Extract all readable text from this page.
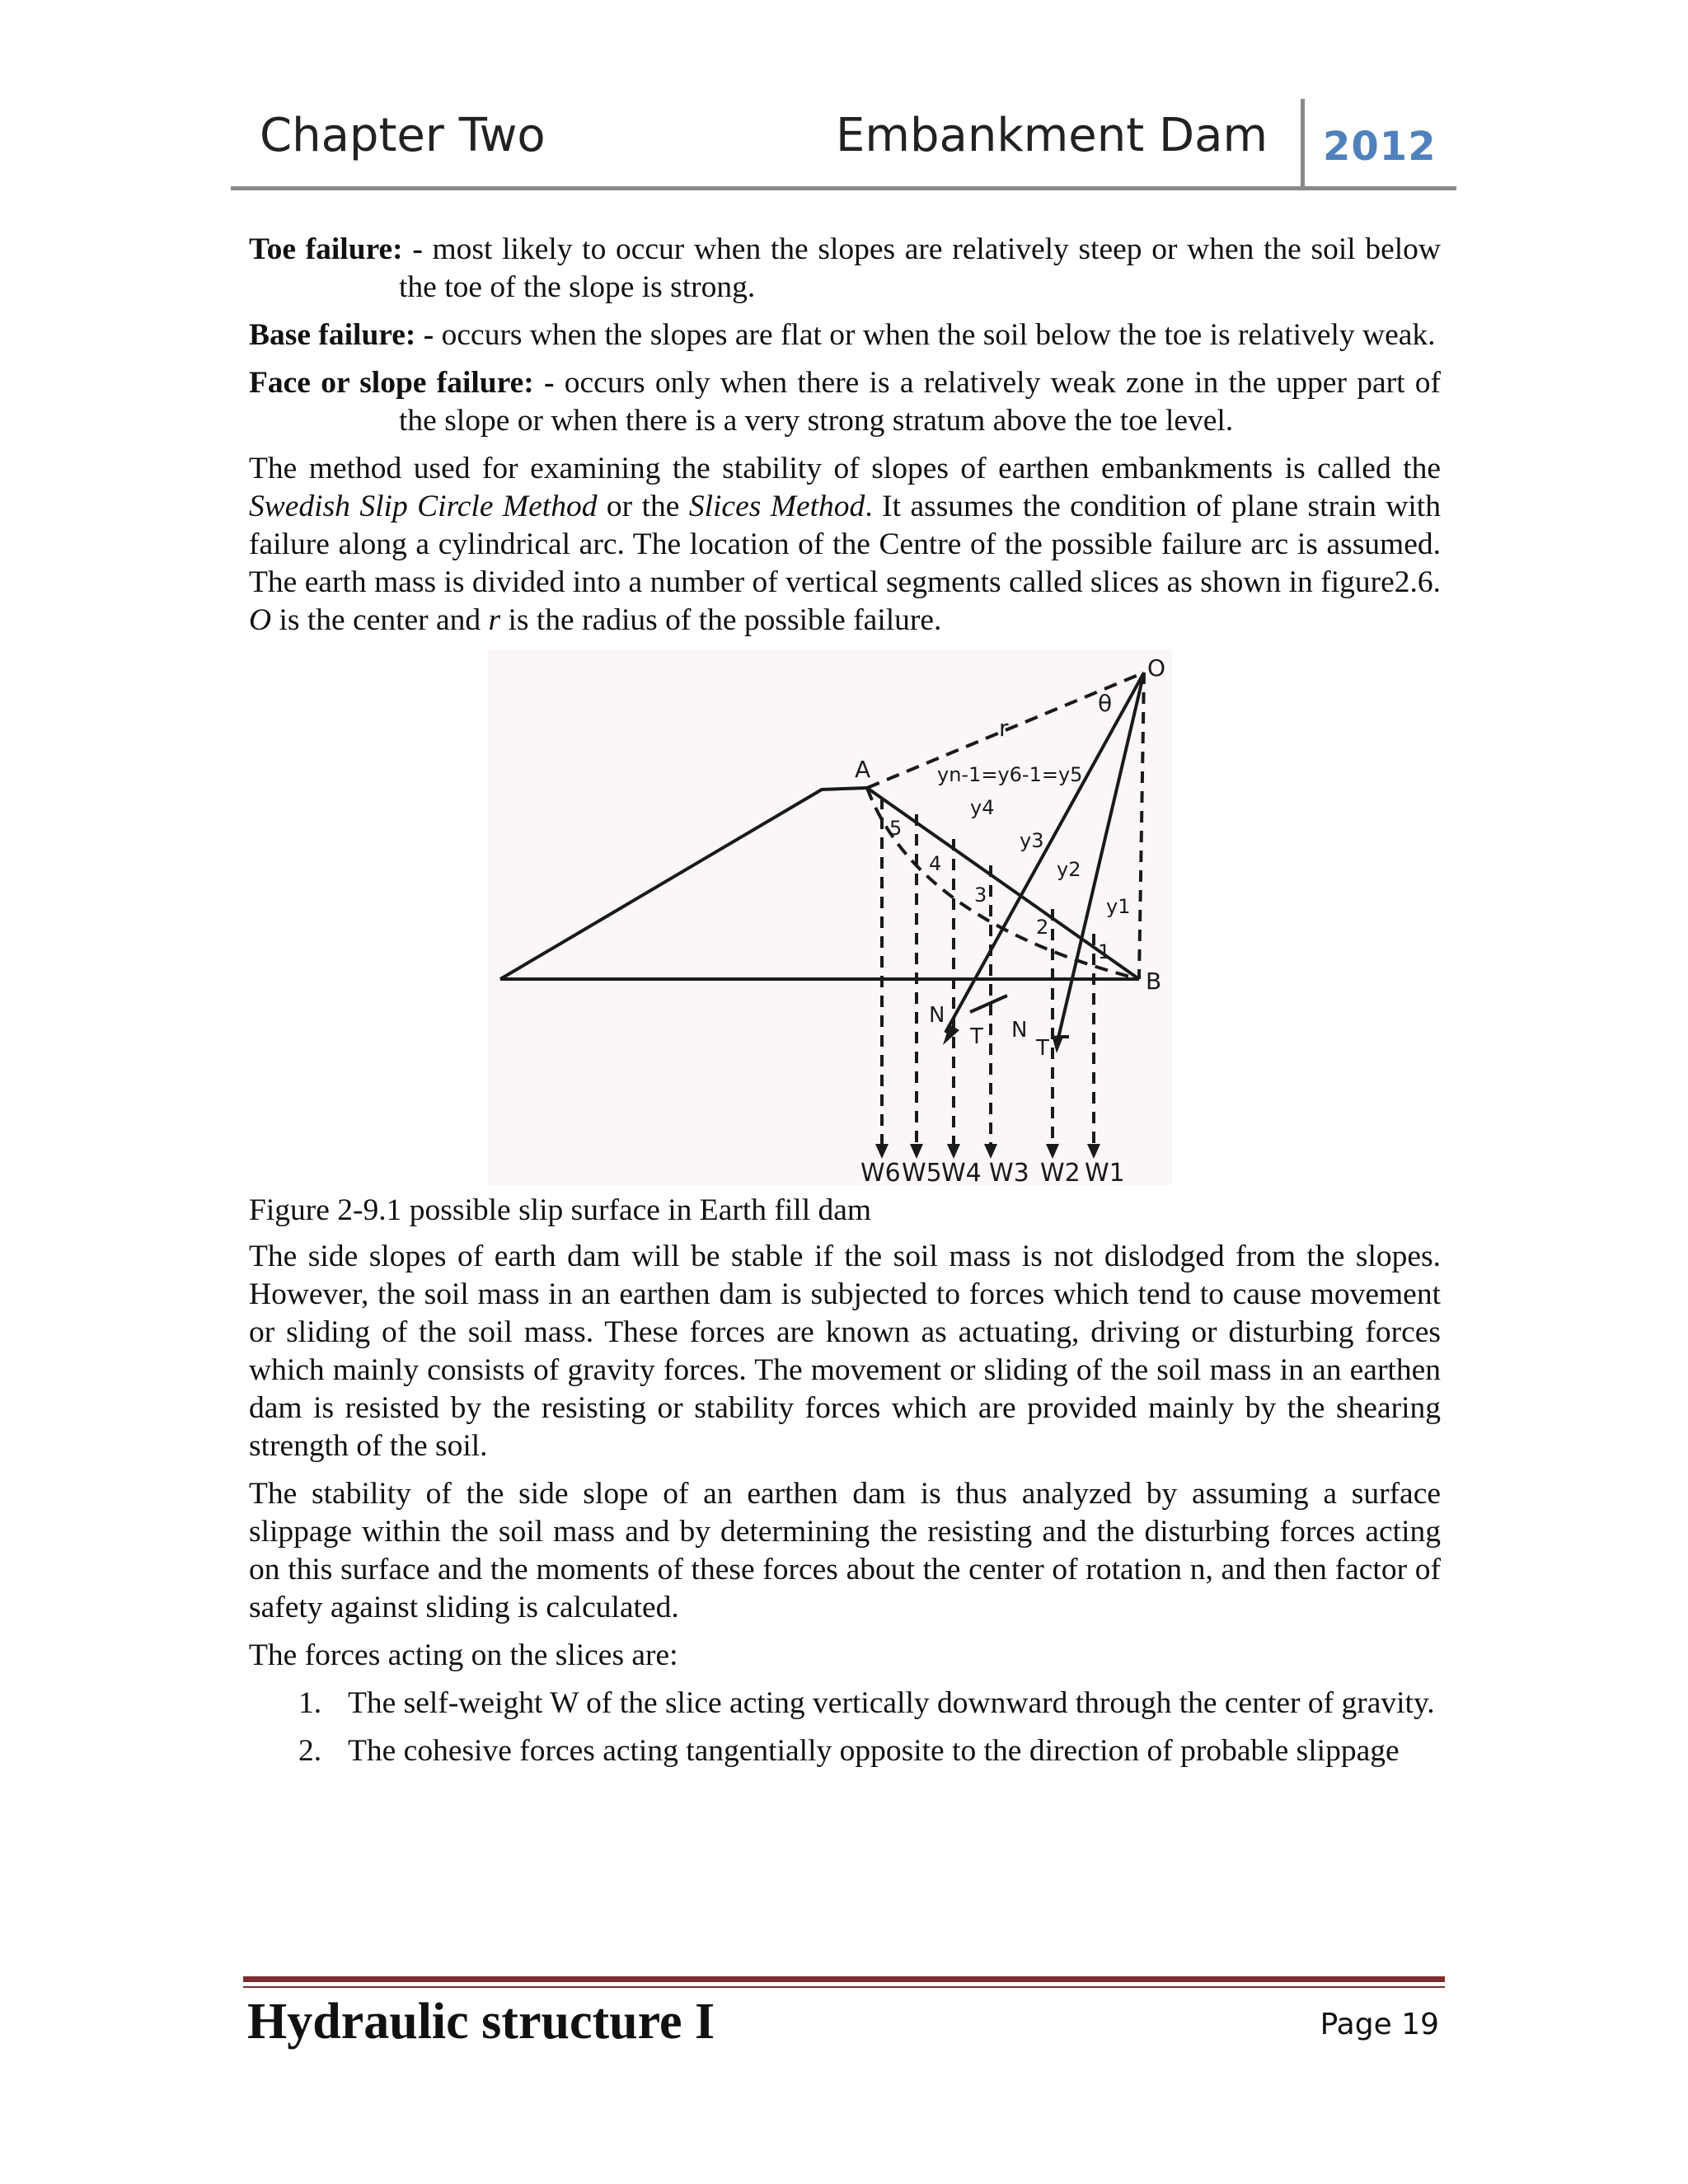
Chapter Two	Embankment Dam 2012

Toe failure: - most likely to occur when the slopes are relatively steep or when the soil below the toe of the slope is strong.

Base failure: - occurs when the slopes are flat or when the soil below the toe is relatively weak.

Face or slope failure: - occurs only when there is a relatively weak zone in the upper part of the slope or when there is a very strong stratum above the toe level.

The method used for examining the stability of slopes of earthen embankments is called the Swedish Slip Circle Method or the Slices Method. It assumes the condition of plane strain with failure along a cylindrical arc. The location of the Centre of the possible failure arc is assumed. The earth mass is divided into a number of vertical segments called slices as shown in figure2.6. O is the center and r is the radius of the possible failure.

O
θ
r
A
B
yn-1=y6-1=y5
y4
y3
y2
y1
5
4
3
2
1
N
T N
T
W6 W5 W4 W3 W2 W1

Figure 2-9.1 possible slip surface in Earth fill dam

The side slopes of earth dam will be stable if the soil mass is not dislodged from the slopes. However, the soil mass in an earthen dam is subjected to forces which tend to cause movement or sliding of the soil mass. These forces are known as actuating, driving or disturbing forces which mainly consists of gravity forces. The movement or sliding of the soil mass in an earthen dam is resisted by the resisting or stability forces which are provided mainly by the shearing strength of the soil.

The stability of the side slope of an earthen dam is thus analyzed by assuming a surface slippage within the soil mass and by determining the resisting and the disturbing forces acting on this surface and the moments of these forces about the center of rotation n, and then factor of safety against sliding is calculated.

The forces acting on the slices are:

1. The self-weight W of the slice acting vertically downward through the center of gravity.
2. The cohesive forces acting tangentially opposite to the direction of probable slippage
Hydraulic structure I	Page 19
